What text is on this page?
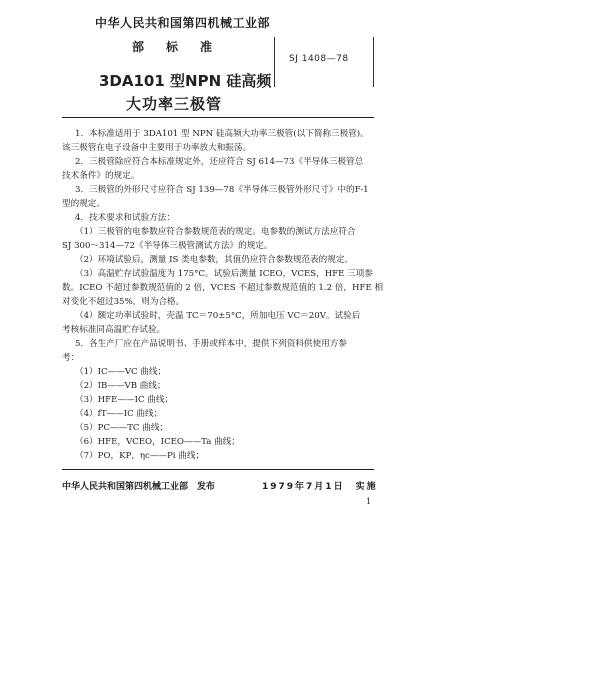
中华人民共和国第四机械工业部
部标准
SJ 1408—78
3DA101 型NPN 硅高频
大功率三极管
1．本标准适用于 3DA101 型 NPN 硅高频大功率三极管(以下简称三极管)。
该三极管在电子设备中主要用于功率放大和振荡。
2．三极管除应符合本标准规定外，还应符合 SJ 614—73《半导体三极管总
技术条件》的规定。
3．三极管的外形尺寸应符合 SJ 139—78《半导体三极管外形尺寸》中的F-1
型的规定。
4．技术要求和试验方法：
（1）三极管的电参数应符合参数规范表的规定。电参数的测试方法应符合
SJ 300～314—72《半导体三极管测试方法》的规定。
（2）环境试验后，测量 IS 类电参数，其值仍应符合参数规范表的规定。
（3）高温贮存试验温度为 175°C。试验后测量 ICEO，VCES，HFE 三项参
数。ICEO 不超过参数规范值的 2 倍，VCES 不超过参数规范值的 1.2 倍，HFE 相
对变化不超过35%，则为合格。
（4）额定功率试验时，壳温 TC＝70±5°C，所加电压 VC＝20V。试验后
考核标准同高温贮存试验。
5．各生产厂应在产品说明书、手册或样本中，提供下列资料供使用方参
考：
（1）IC——VC 曲线；
（2）IB——VB 曲线；
（3）HFE——IC 曲线；
（4）fT——IC 曲线；
（5）PC——TC 曲线；
（6）HFE，VCEO，ICEO——Ta 曲线；
（7）PO，KP，ηc——Pi 曲线；
中华人民共和国第四机械工业部　发布	1979年7月1日　实施
1
